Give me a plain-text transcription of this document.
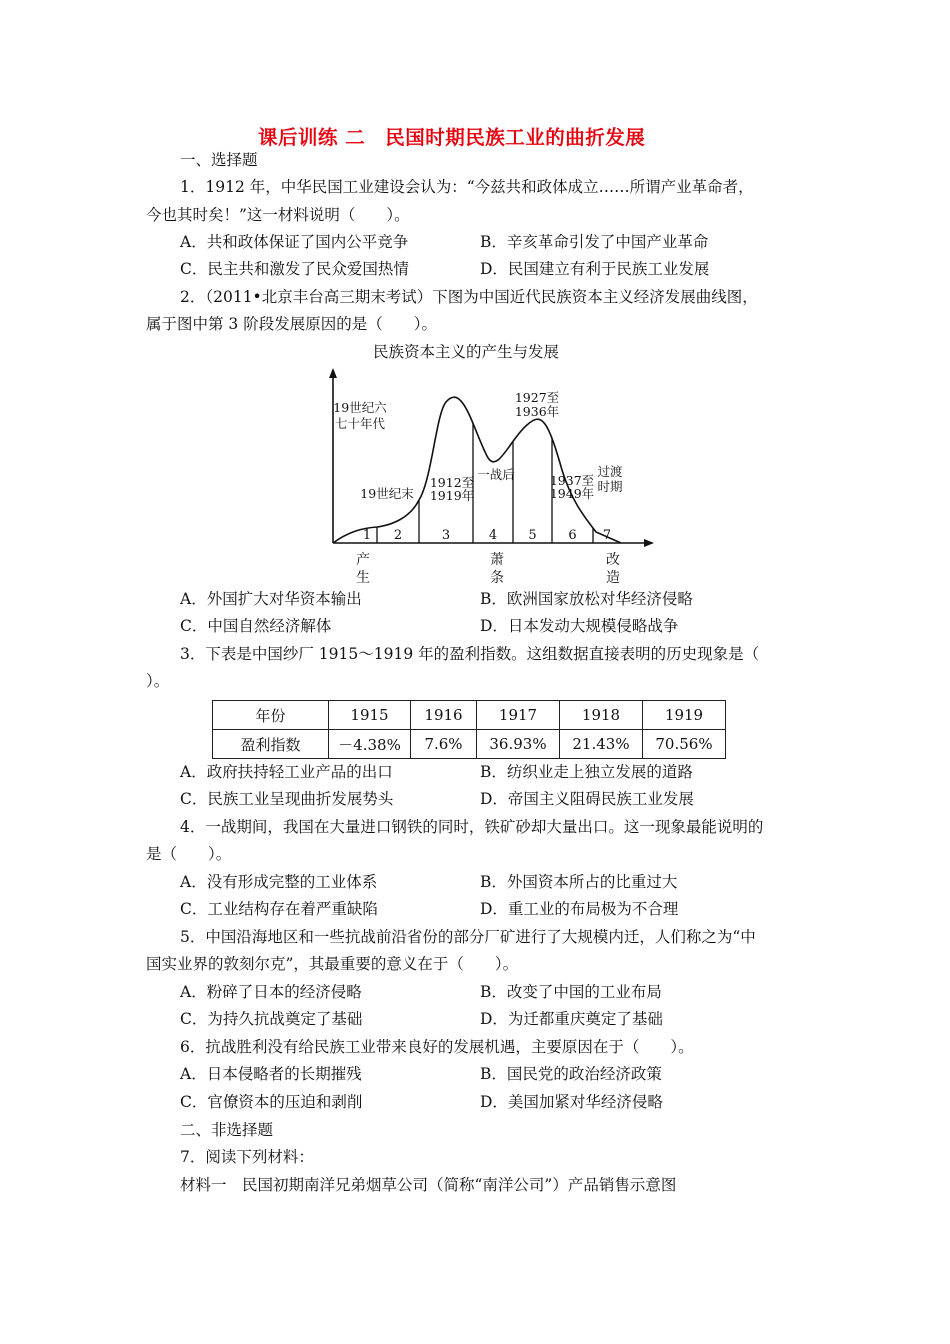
课后训练 二　民国时期民族工业的曲折发展
一、选择题
1．1912 年，中华民国工业建设会认为：“今兹共和政体成立……所谓产业革命者，
今也其时矣！”这一材料说明（　　）。
A．共和政体保证了国内公平竞争	B．辛亥革命引发了中国产业革命
C．民主共和激发了民众爱国热情	D．民国建立有利于民族工业发展
2．（2011•北京丰台高三期末考试）下图为中国近代民族资本主义经济发展曲线图，
属于图中第 3 阶段发展原因的是（　　）。
民族资本主义的产生与发展
1 2	3	4 5 6 7
19世纪六
七十年代
19世纪末
1912至
1919年
一战后
1927至
1936年
1937至
1949年
过渡
时期
产
生
萧
条
改
造
A．外国扩大对华资本输出	B．欧洲国家放松对华经济侵略
C．中国自然经济解体	D．日本发动大规模侵略战争
3．下表是中国纱厂 1915～1919 年的盈利指数。这组数据直接表明的历史现象是（
）。
年份	1915	1916	1917	1918	1919
盈利指数	－4.38%	7.6%	36.93%	21.43%	70.56%
A．政府扶持轻工业产品的出口	B．纺织业走上独立发展的道路
C．民族工业呈现曲折发展势头	D．帝国主义阻碍民族工业发展
4．一战期间，我国在大量进口钢铁的同时，铁矿砂却大量出口。这一现象最能说明的
是（　　）。
A．没有形成完整的工业体系	B．外国资本所占的比重过大
C．工业结构存在着严重缺陷	D．重工业的布局极为不合理
5．中国沿海地区和一些抗战前沿省份的部分厂矿进行了大规模内迁，人们称之为“中
国实业界的敦刻尔克”，其最重要的意义在于（　　）。
A．粉碎了日本的经济侵略	B．改变了中国的工业布局
C．为持久抗战奠定了基础	D．为迁都重庆奠定了基础
6．抗战胜利没有给民族工业带来良好的发展机遇，主要原因在于（　　）。
A．日本侵略者的长期摧残	B．国民党的政治经济政策
C．官僚资本的压迫和剥削	D．美国加紧对华经济侵略
二、非选择题
7．阅读下列材料：
材料一　民国初期南洋兄弟烟草公司（简称“南洋公司”）产品销售示意图
